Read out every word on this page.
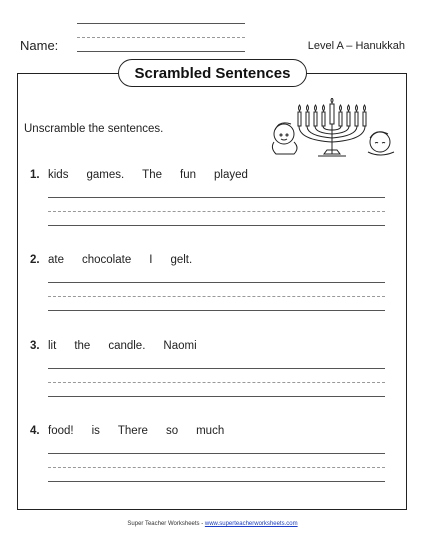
Name:	Level A – Hanukkah
Scrambled Sentences
Unscramble the sentences.
1. kids games. The fun played
2. ate chocolate I gelt.
3. lit the candle. Naomi
4. food! is There so much
Super Teacher Worksheets - www.superteacherworksheets.com
